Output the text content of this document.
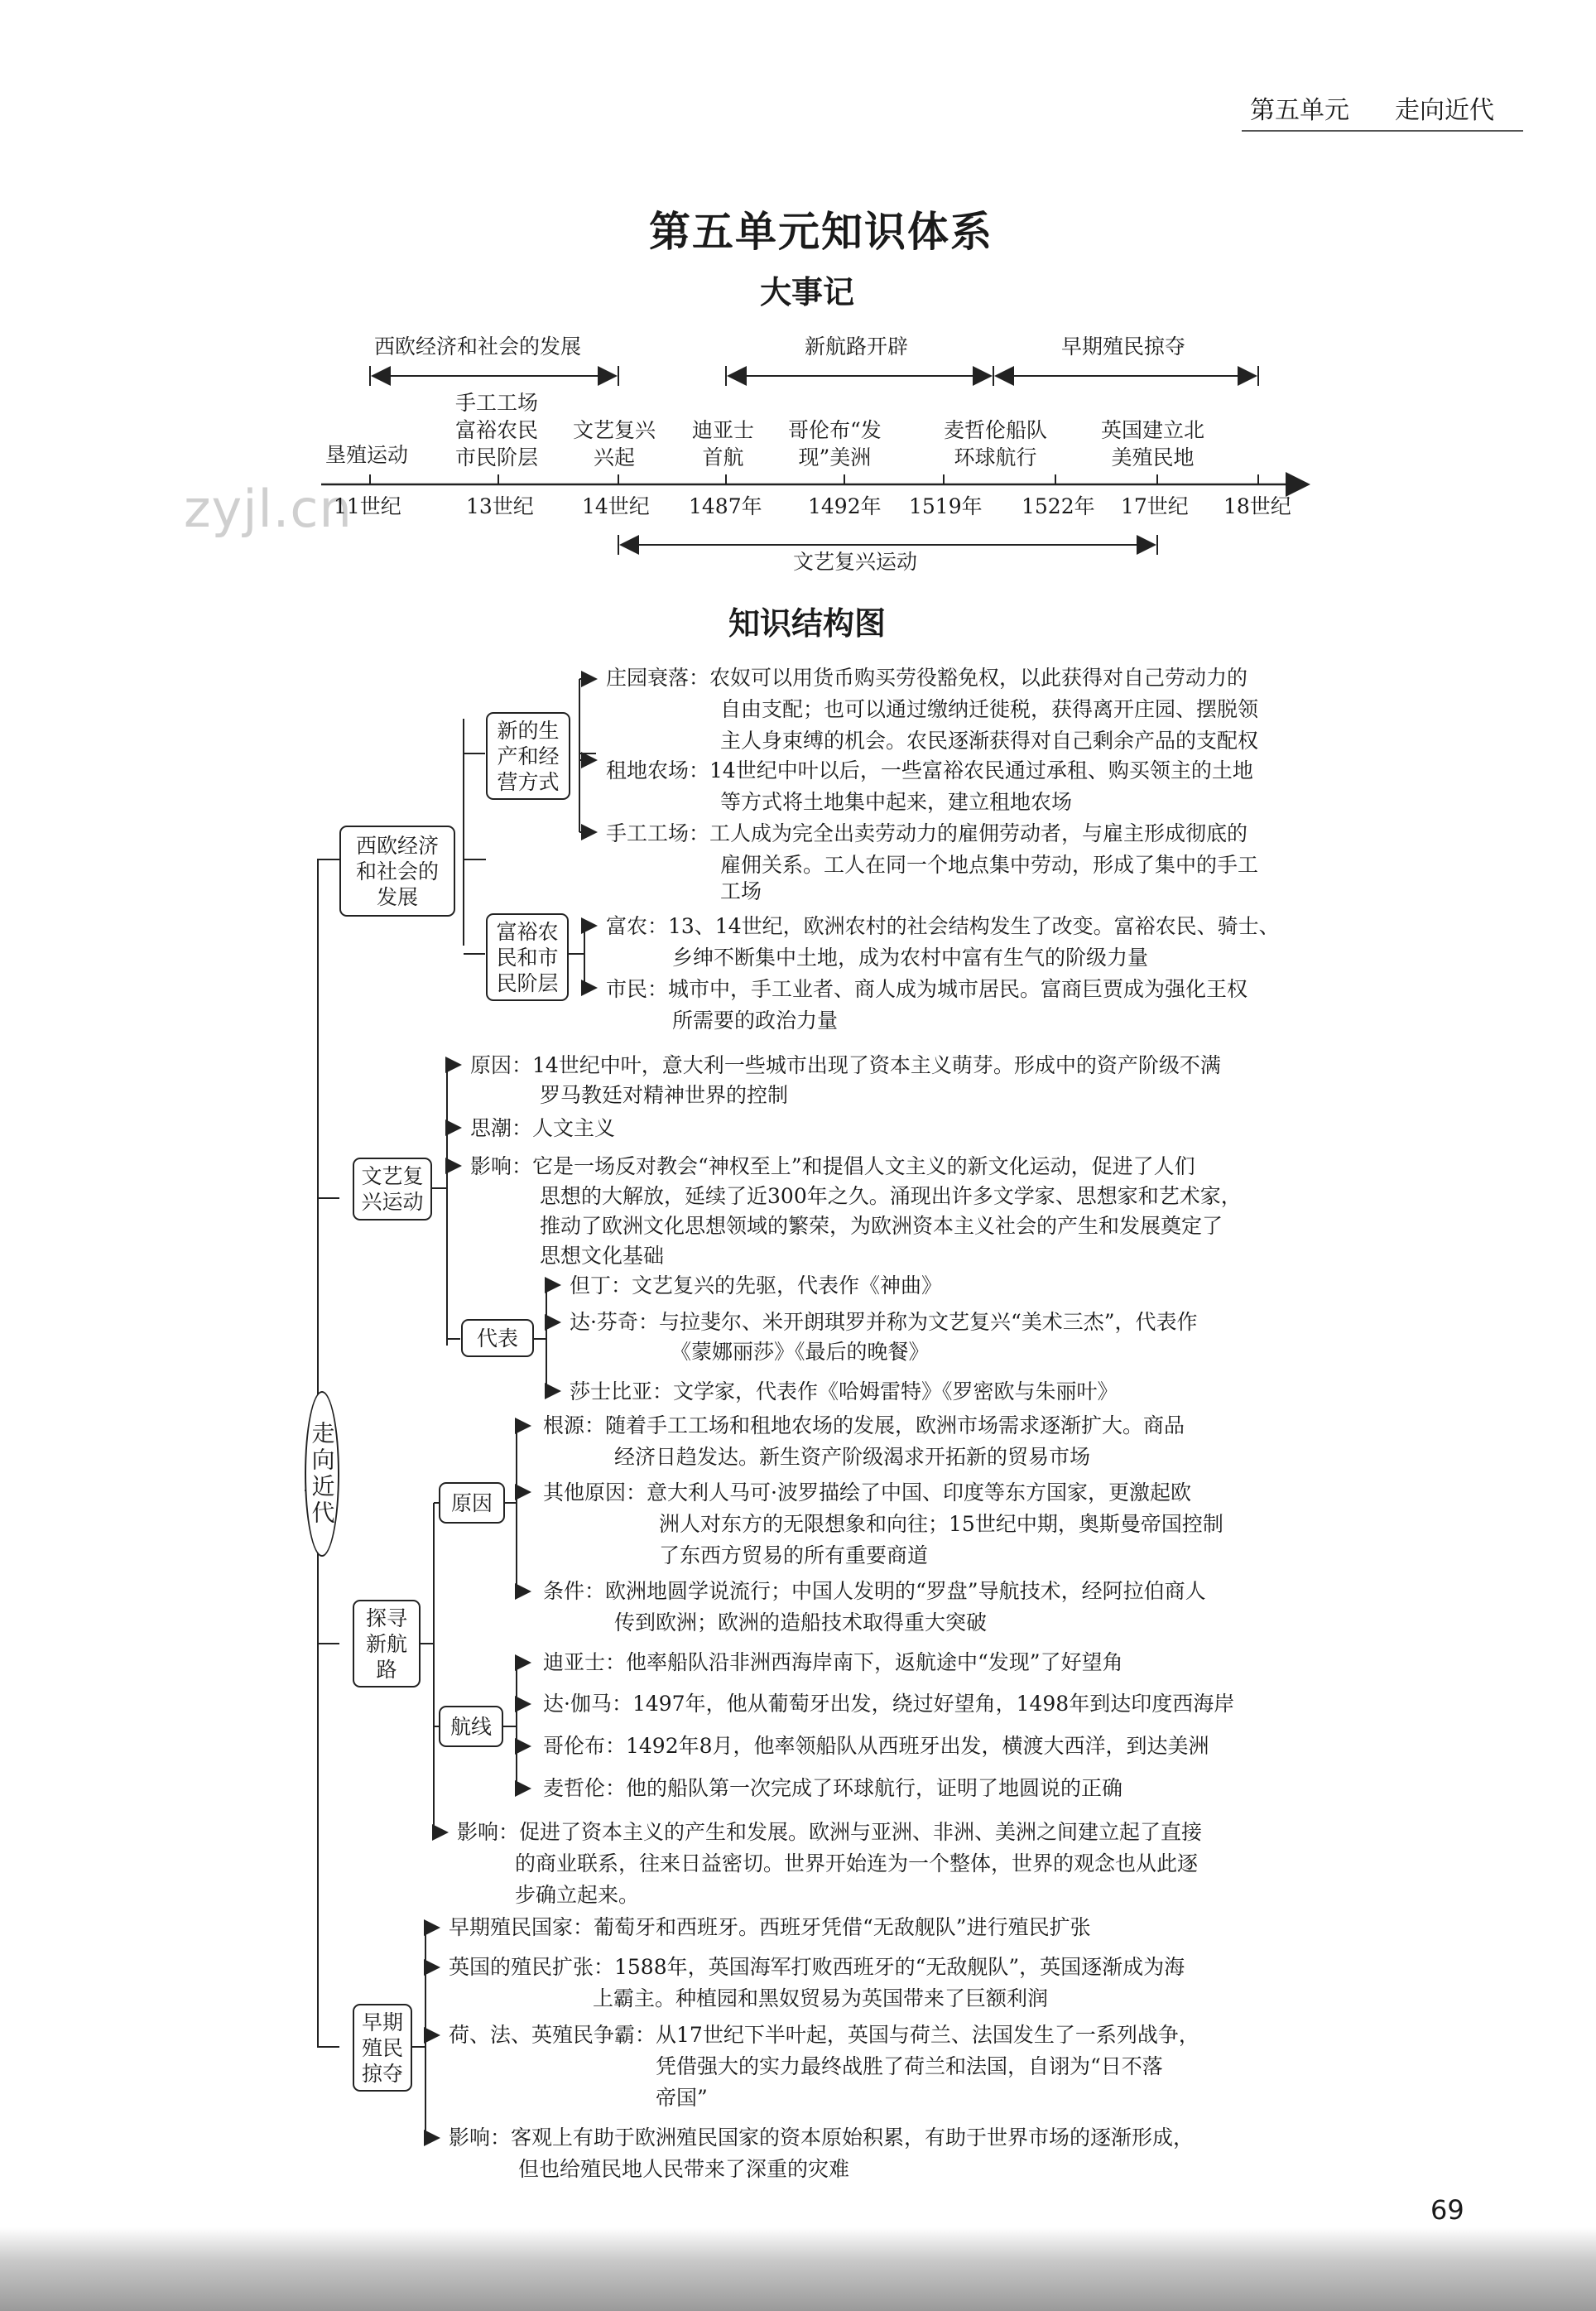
第五单元 走向近代
第五单元知识体系
大事记
zyjl.cn
西欧经济和社会的发展	新航路开辟	早期殖民掠夺
文艺复兴运动
垦殖运动
手工工场
富裕农民
市民阶层
文艺复兴
兴起
迪亚士
首航
哥伦布“发
现”美洲
麦哲伦船队
环球航行
英国建立北
美殖民地
11世纪	13世纪 14世纪 1487年 1492年 1519年 1522年 17世纪 18世纪
知识结构图
走向近代
西欧经济
和社会的
发展
文艺复
兴运动
探寻
新航
路
早期
殖民
掠夺
新的生
产和经
营方式
富裕农
民和市
民阶层
代表
原因
航线
庄园衰落：农奴可以用货币购买劳役豁免权，以此获得对自己劳动力的
自由支配；也可以通过缴纳迁徙税，获得离开庄园、摆脱领
主人身束缚的机会。农民逐渐获得对自己剩余产品的支配权
租地农场：14世纪中叶以后，一些富裕农民通过承租、购买领主的土地
等方式将土地集中起来，建立租地农场
手工工场：工人成为完全出卖劳动力的雇佣劳动者，与雇主形成彻底的
雇佣关系。工人在同一个地点集中劳动，形成了集中的手工
工场
富农：13、14世纪，欧洲农村的社会结构发生了改变。富裕农民、骑士、
乡绅不断集中土地，成为农村中富有生气的阶级力量
市民：城市中，手工业者、商人成为城市居民。富商巨贾成为强化王权
所需要的政治力量
原因：14世纪中叶，意大利一些城市出现了资本主义萌芽。形成中的资产阶级不满
罗马教廷对精神世界的控制
思潮：人文主义
影响：它是一场反对教会“神权至上”和提倡人文主义的新文化运动，促进了人们
思想的大解放，延续了近300年之久。涌现出许多文学家、思想家和艺术家，
推动了欧洲文化思想领域的繁荣，为欧洲资本主义社会的产生和发展奠定了
思想文化基础
但丁：文艺复兴的先驱，代表作《神曲》
达·芬奇：与拉斐尔、米开朗琪罗并称为文艺复兴“美术三杰”，代表作
《蒙娜丽莎》《最后的晚餐》
莎士比亚：文学家，代表作《哈姆雷特》《罗密欧与朱丽叶》
根源：随着手工工场和租地农场的发展，欧洲市场需求逐渐扩大。商品
经济日趋发达。新生资产阶级渴求开拓新的贸易市场
其他原因：意大利人马可·波罗描绘了中国、印度等东方国家，更激起欧
洲人对东方的无限想象和向往；15世纪中期，奥斯曼帝国控制
了东西方贸易的所有重要商道
条件：欧洲地圆学说流行；中国人发明的“罗盘”导航技术，经阿拉伯商人
传到欧洲；欧洲的造船技术取得重大突破
迪亚士：他率船队沿非洲西海岸南下，返航途中“发现”了好望角
达·伽马：1497年，他从葡萄牙出发，绕过好望角，1498年到达印度西海岸
哥伦布：1492年8月，他率领船队从西班牙出发，横渡大西洋，到达美洲
麦哲伦：他的船队第一次完成了环球航行，证明了地圆说的正确
影响：促进了资本主义的产生和发展。欧洲与亚洲、非洲、美洲之间建立起了直接
的商业联系，往来日益密切。世界开始连为一个整体，世界的观念也从此逐
步确立起来。
早期殖民国家：葡萄牙和西班牙。西班牙凭借“无敌舰队”进行殖民扩张
英国的殖民扩张：1588年，英国海军打败西班牙的“无敌舰队”，英国逐渐成为海
上霸主。种植园和黑奴贸易为英国带来了巨额利润
荷、法、英殖民争霸：从17世纪下半叶起，英国与荷兰、法国发生了一系列战争，
凭借强大的实力最终战胜了荷兰和法国，自诩为“日不落
帝国”
影响：客观上有助于欧洲殖民国家的资本原始积累，有助于世界市场的逐渐形成，
但也给殖民地人民带来了深重的灾难
69
